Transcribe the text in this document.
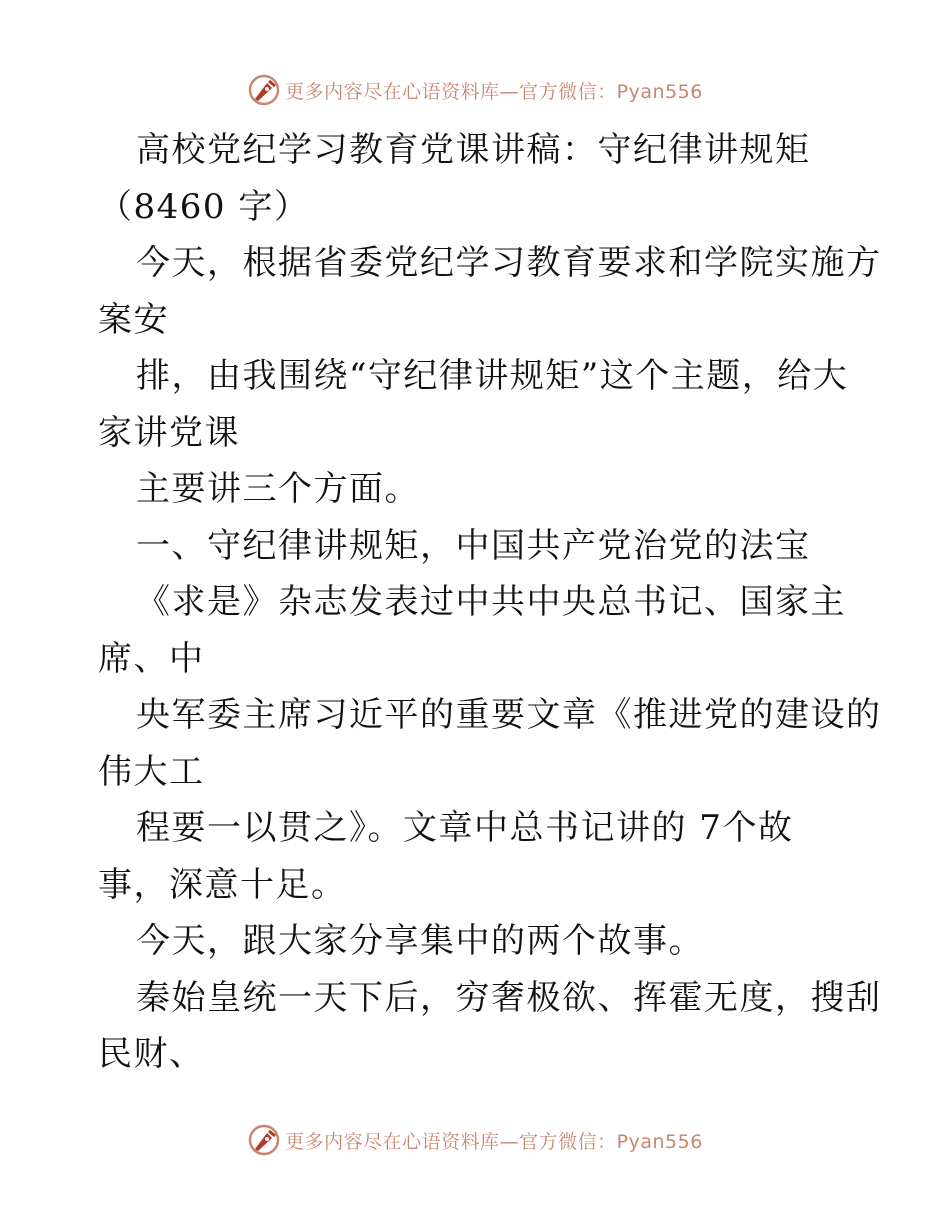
更多内容尽在心语资料库—官方微信：Pyan556
高校党纪学习教育党课讲稿：守纪律讲规矩
（8460 字）
今天，根据省委党纪学习教育要求和学院实施方
案安
排，由我围绕“守纪律讲规矩”这个主题，给大
家讲党课
主要讲三个方面。
一、守纪律讲规矩，中国共产党治党的法宝
《求是》杂志发表过中共中央总书记、国家主
席、中
央军委主席习近平的重要文章《推进党的建设的
伟大工
程要一以贯之》。文章中总书记讲的 7个故
事，深意十足。
今天，跟大家分享集中的两个故事。
秦始皇统一天下后，穷奢极欲、挥霍无度，搜刮
民财、
更多内容尽在心语资料库—官方微信：Pyan556
